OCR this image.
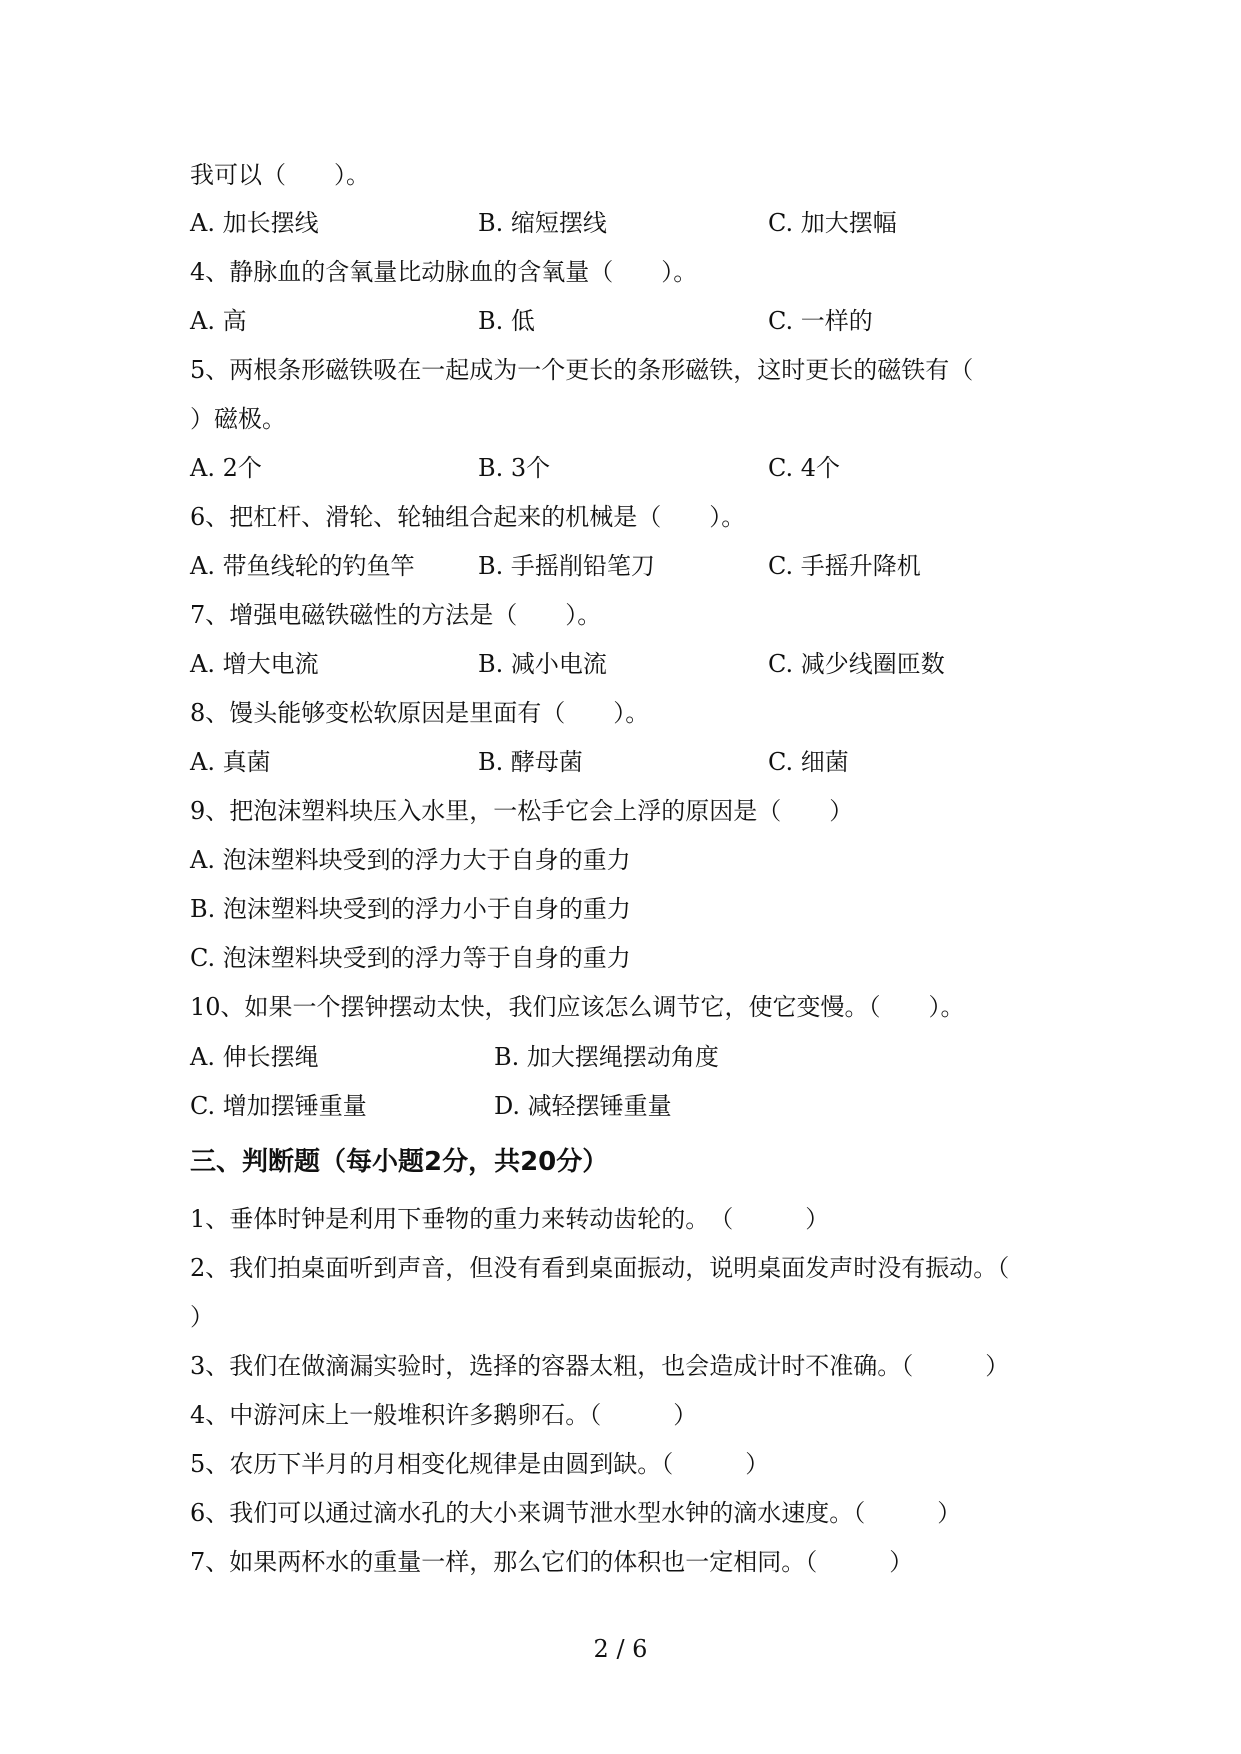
我可以（　　）。
A. 加长摆线	B. 缩短摆线	C. 加大摆幅
4、静脉血的含氧量比动脉血的含氧量（　　）。
A. 高	B. 低	C. 一样的
5、两根条形磁铁吸在一起成为一个更长的条形磁铁，这时更长的磁铁有（
）磁极。
A. 2个	B. 3个	C. 4个
6、把杠杆、滑轮、轮轴组合起来的机械是（　　）。
A. 带鱼线轮的钓鱼竿	B. 手摇削铅笔刀	C. 手摇升降机
7、增强电磁铁磁性的方法是（　　）。
A. 增大电流	B. 减小电流	C. 减少线圈匝数
8、馒头能够变松软原因是里面有（　　）。
A. 真菌	B. 酵母菌	C. 细菌
9、把泡沫塑料块压入水里，一松手它会上浮的原因是（　　）
A. 泡沫塑料块受到的浮力大于自身的重力
B. 泡沫塑料块受到的浮力小于自身的重力
C. 泡沫塑料块受到的浮力等于自身的重力
10、如果一个摆钟摆动太快，我们应该怎么调节它，使它变慢。（　　）。
A. 伸长摆绳	B. 加大摆绳摆动角度
C. 增加摆锤重量	D. 减轻摆锤重量
三、判断题（每小题2分，共20分）
1、垂体时钟是利用下垂物的重力来转动齿轮的。　（　　　）
2、我们拍桌面听到声音，但没有看到桌面振动，说明桌面发声时没有振动。（
）
3、我们在做滴漏实验时，选择的容器太粗，也会造成计时不准确。（　　　）
4、中游河床上一般堆积许多鹅卵石。（　　　）
5、农历下半月的月相变化规律是由圆到缺。（　　　）
6、我们可以通过滴水孔的大小来调节泄水型水钟的滴水速度。（　　　）
7、如果两杯水的重量一样，那么它们的体积也一定相同。（　　　）
2 / 6
